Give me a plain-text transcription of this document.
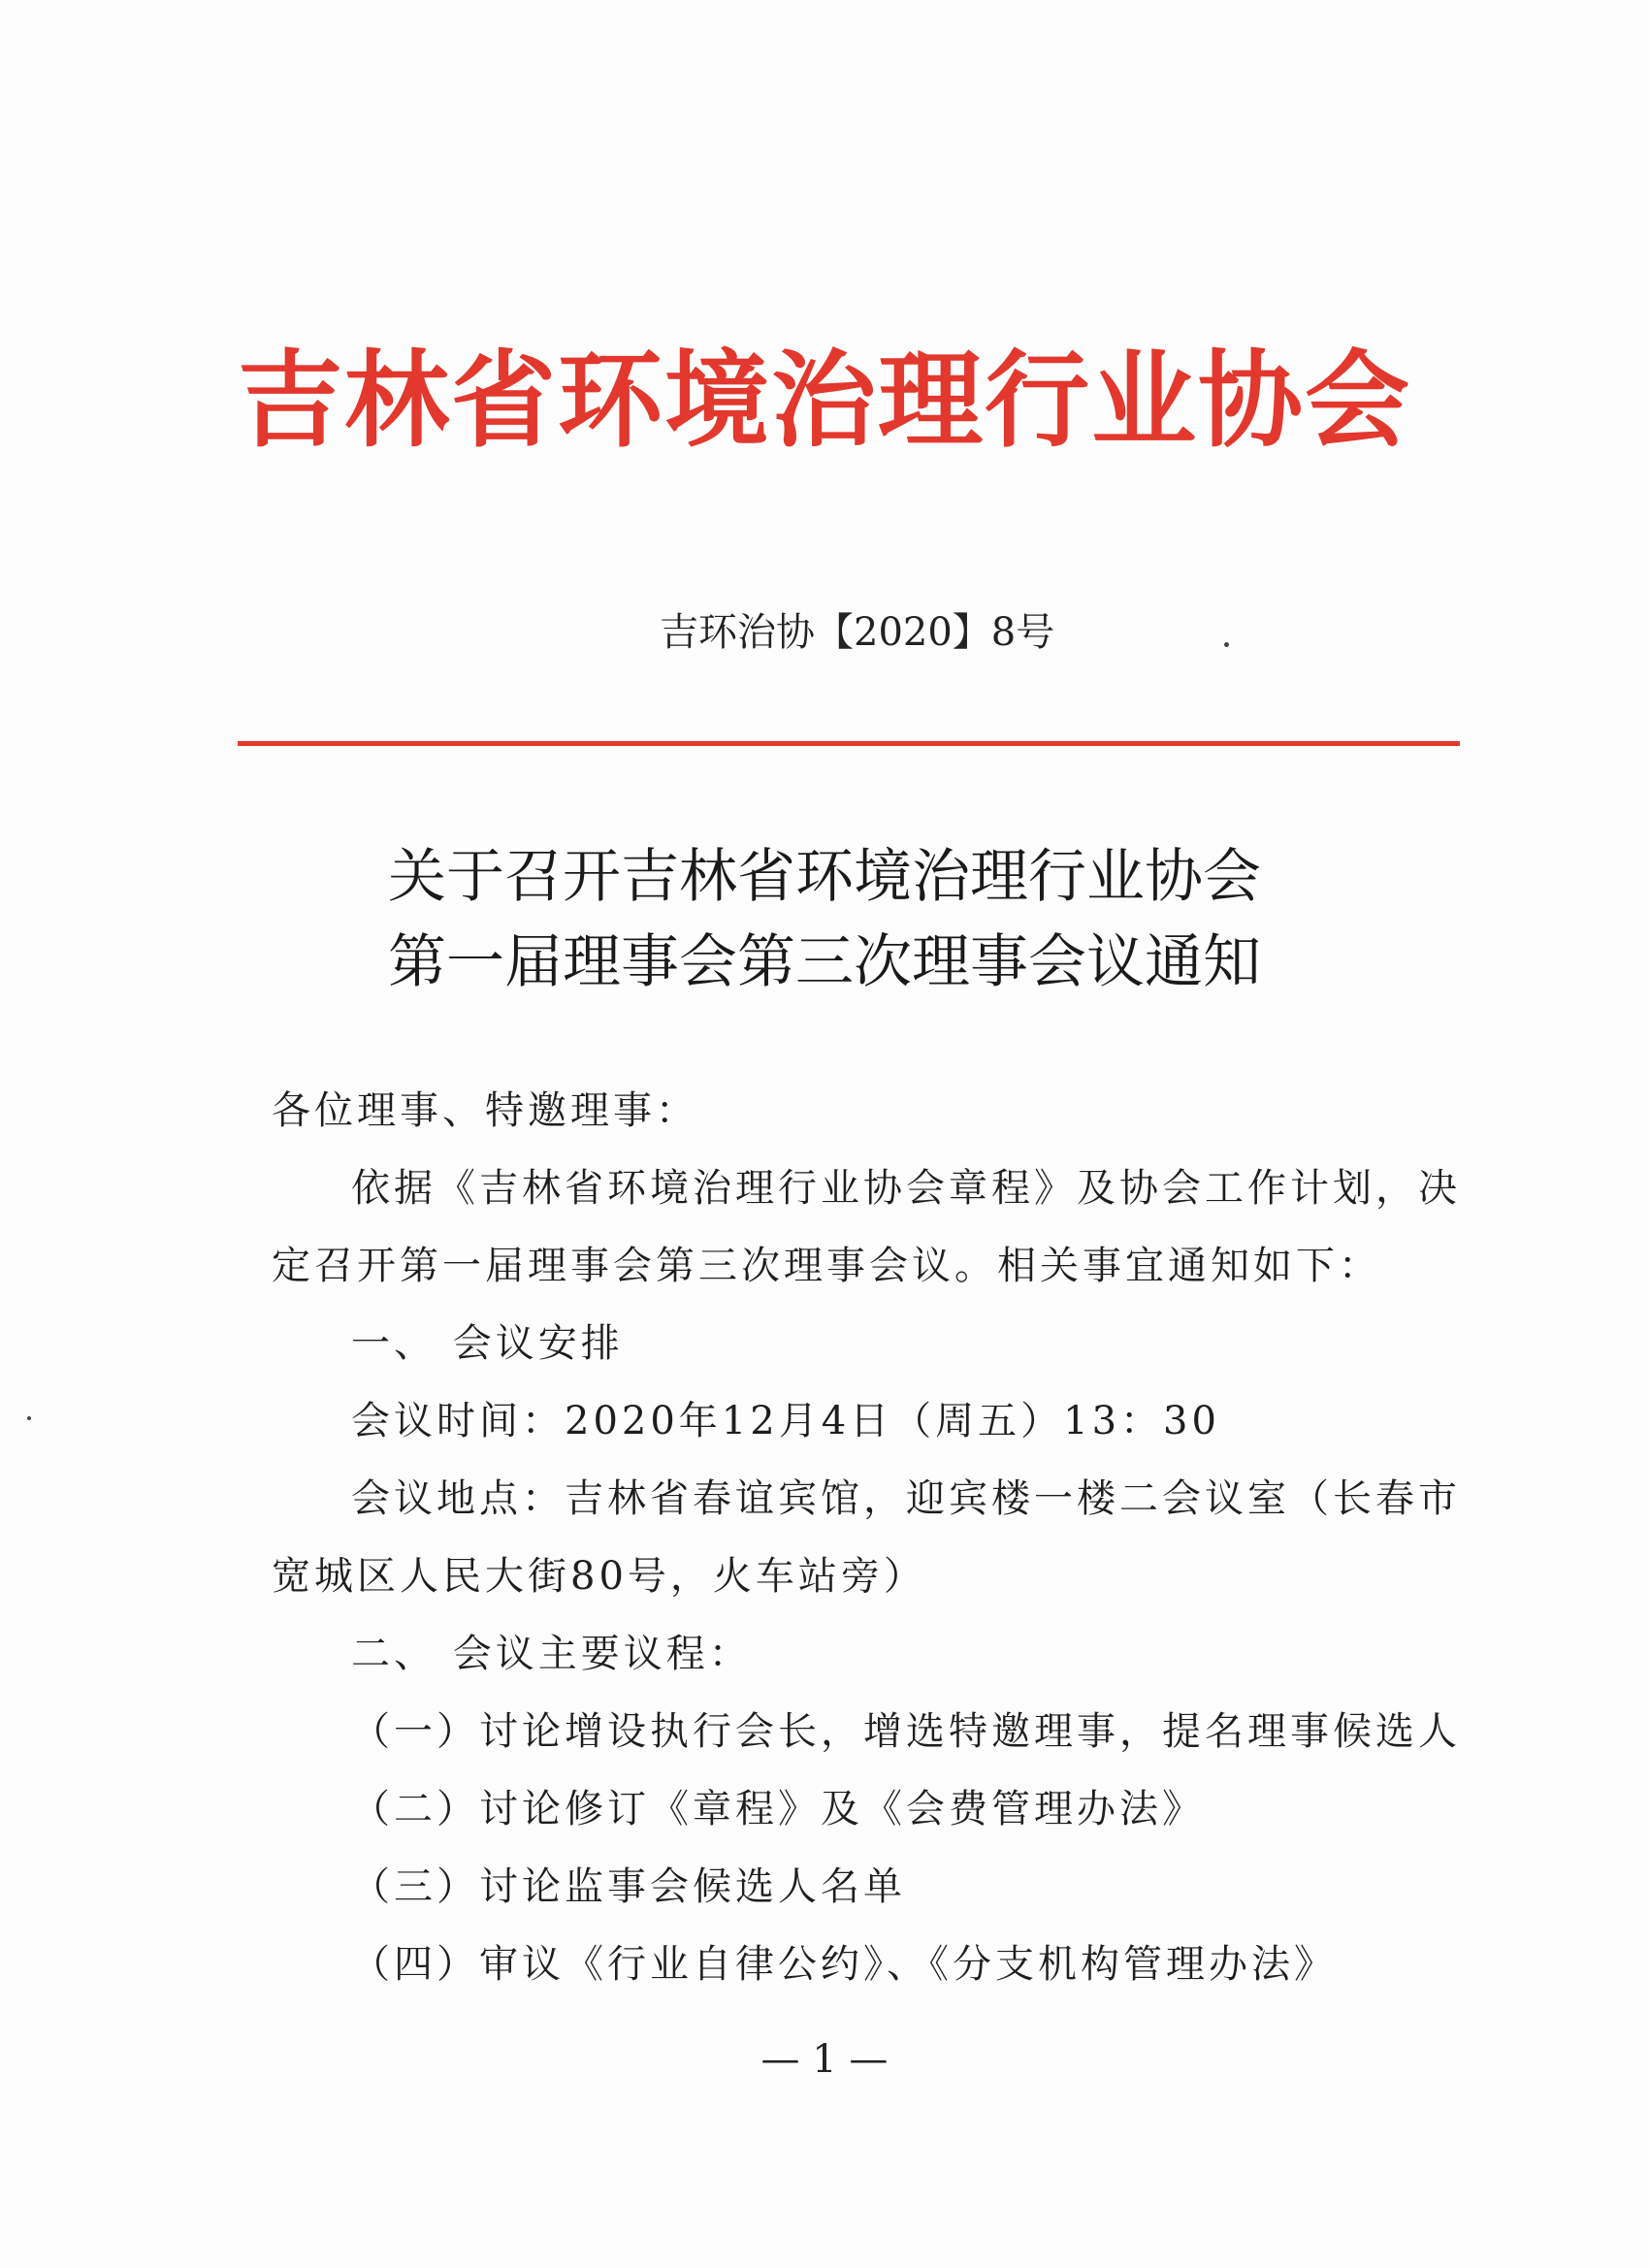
吉林省环境治理行业协会
吉环治协【2020】8号
关于召开吉林省环境治理行业协会
第一届理事会第三次理事会议通知

各位理事、特邀理事：

依据《吉林省环境治理行业协会章程》及协会工作计划，决定召开第一届理事会第三次理事会议。相关事宜通知如下：

一、 会议安排

会议时间：2020年12月4日（周五）13：30

会议地点：吉林省春谊宾馆，迎宾楼一楼二会议室（长春市宽城区人民大街80号，火车站旁）

二、 会议主要议程：

（一）讨论增设执行会长，增选特邀理事，提名理事候选人

（二）讨论修订《章程》及《会费管理办法》

（三）讨论监事会候选人名单

（四）审议《行业自律公约》、《分支机构管理办法》

— 1 —
